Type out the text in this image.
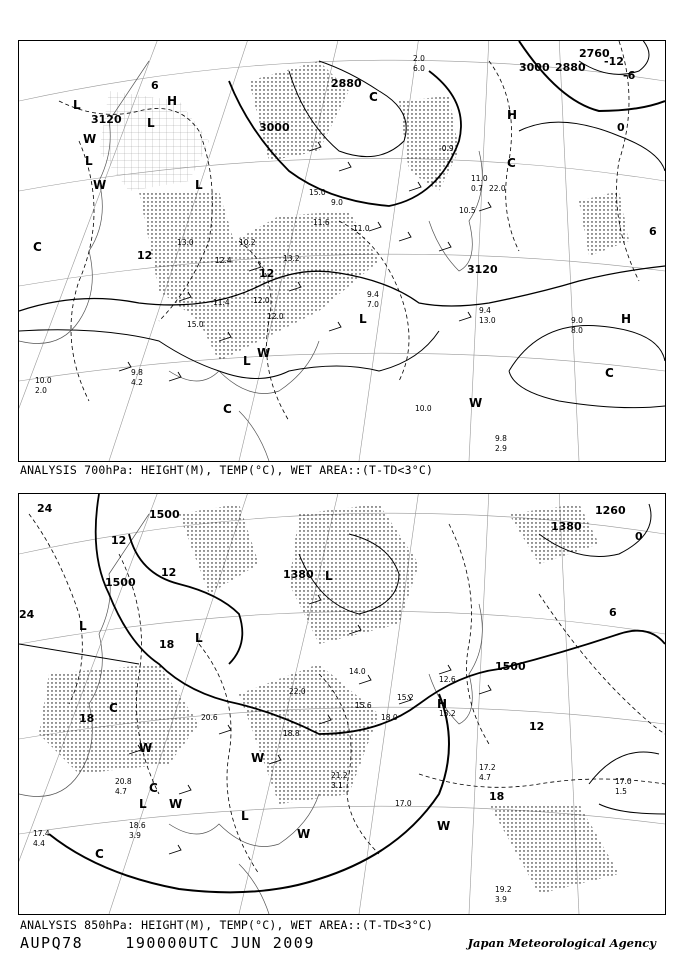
3120
3000
2880
3000 2880
2760
3120
12
12
6
6
0
-12
-6
L
L
L
H
L
L
L
H
H
C
C
C
W
W
W
W
C
C
12.4
13.0
11.4
15.0
12.0
9.0
12.0
13.2
10.2
11.6
15.0
11.0
10.0
9.4
7.0
9.4
13.0	9.0
8.0
9.8
2.9
10.0
2.0
9.8
4.2
2.0
6.0
-0.9
11.0
10.5
22.0
0.7
ANALYSIS 700hPa: HEIGHT(M), TEMP(°C), WET AREA::(T-TD<3°C)
1500
1500
1380
1380
1260
1500
24
24
18
18
18
12
12
12
6
0
L
L
L
L
H
L
W
W
W
W
C
C
C
W
15.2
18.0
14.0
22.0
20.6
18.8
17.0
17.2
4.7	17.0
1.5
19.2
3.9
20.8
4.7
18.6
3.9
17.4
4.4
21.2
3.1
15.6
12.6
13.2
ANALYSIS 850hPa: HEIGHT(M), TEMP(°C), WET AREA::(T-TD<3°C)
AUPQ78    190000UTC JUN 2009	Japan Meteorological Agency
